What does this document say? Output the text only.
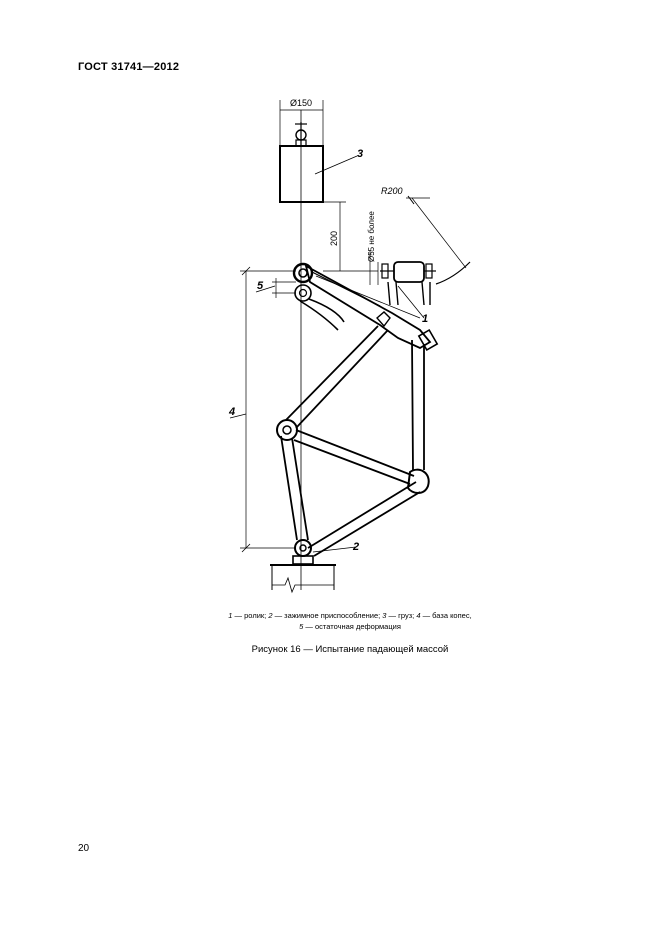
ГОСТ 31741—2012
Ø150
200
R200
Ø55 не более
3
5
4
1
2
1 — ролик; 2 — зажимное приспособление; 3 — груз; 4 — база копес,
5 — остаточная деформация
Рисунок 16 — Испытание падающей массой
20
